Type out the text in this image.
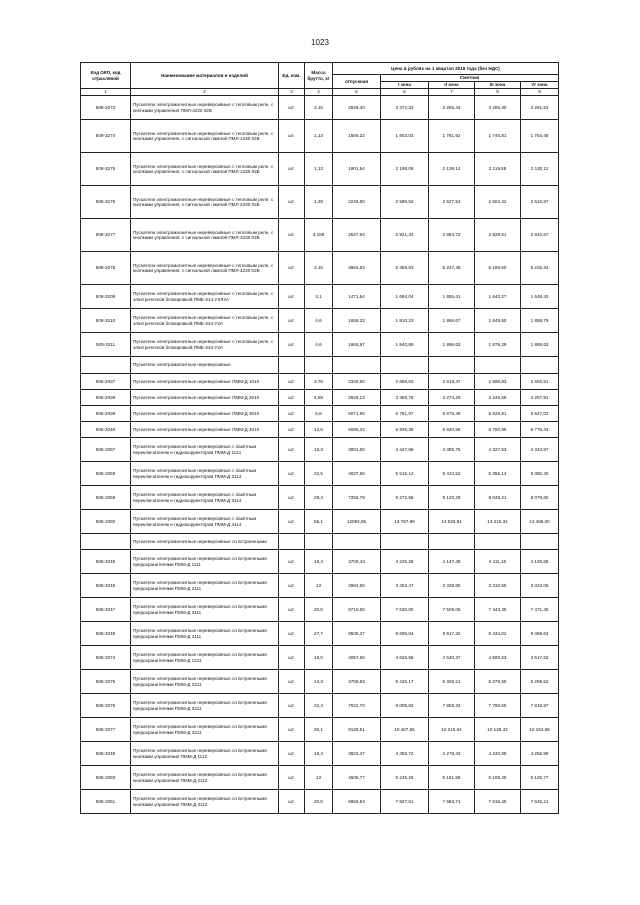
1023
Код ОКП, код отраслевой	Наименование материалов и изделий	Ед. изм.	Масса брутто, кг	Цена в рублях на 1 квартал 2016 года (без НДС)				
				отпускная	Сметная			
					I зона	II зона	III зона	IV зона
1	2	3	4	5	6	7	8	9
509-3273	Пускатели электромагнитные нереверсивные с тепловым реле, с кнопками управления ПМЛ-4220 02Б	шт.	3,16	2929,40	3 372,33	3 295,44	3 265,30	3 281,53
509-3274	Пускатели электромагнитные нереверсивные с тепловым реле, с кнопками управления, с сигнальной лампой ПМЛ-1230 02Б	шт.	1,13	1566,22	1 803,03	1 761,92	1 745,81	1 754,48
509-3275	Пускатели электромагнитные нереверсивные с тепловым реле, с кнопками управления, с сигнальной лампой ПМЛ-1230 02Б	шт.	1,13	1901,54	2 189,06	2 139,14	2 119,58	2 130,11
509-3276	Пускатели электромагнитные нереверсивные с тепловым реле, с кнопками управления, с сигнальной лампой ПМЛ-2230 02Б	шт.	1,29	2246,80	2 586,52	2 527,54	2 504,42	2 516,87
509-3277	Пускатели электромагнитные нереверсивные с тепловым реле, с кнопками управления, с сигнальной лампой ПМЛ-3230 02Б	шт.	3,158	2537,64	2 921,34	2 854,72	2 828,61	2 842,67
509-3278	Пускатели электромагнитные нереверсивные с тепловым реле, с кнопками управления, с сигнальной лампой ПМЛ-4230 02Б	шт.	3,16	4664,83	5 369,93	5 247,48	5 199,50	5 225,34
509-3209	Пускатели электромагнитные нереверсивные с тепловым реле, с электрической блокировкой ПМЕ-214 УХЛ4А	шт.	3,1	1471,54	1 694,04	1 655,41	1 640,27	1 648,43
509-3210	Пускатели электромагнитные нереверсивные с тепловым реле, с электрической блокировкой ПМЕ-224 У2А	шт.	4,6	1659,33	1 910,23	1 866,67	1 849,60	1 858,79
509-3211	Пускатели электромагнитные нереверсивные с тепловым реле, с электрической блокировкой ПМЕ-234 У2А	шт.	4,6	1665,97	1 940,89	1 896,63	1 879,29	1 888,63
	Пускатели электромагнитные нереверсивные							
509-3337	Пускатели электромагнитные нереверсивные ПММ-Д 1010	шт.	3,76	2340,60	2 688,63	2 619,47	2 596,83	2 606,51
509-3338	Пускатели электромагнитные нереверсивные ПММ-Д 2010	шт.	4,58	2926,13	3 358,78	3 274,29	3 245,68	3 257,91
509-3339	Пускатели электромагнитные нереверсивные ПММ-Д 3010	шт.	8,8	5071,95	5 761,97	5 675,49	5 625,81	5 647,03
509-3340	Пускатели электромагнитные нереверсивные ПММ-Д 4010	шт.	12,6	6086,34	6 938,39	6 840,56	6 760,95	6 776,44
509-3357	Пускатели электромагнитные нереверсивные с пакетным переключателем и гидрокорректором ПММ-Д 1114	шт.	13,3	3901,60	4 447,68	4 385,75	4 327,53	4 343,87
509-3358	Пускатели электромагнитные нереверсивные с пакетным переключателем и гидрокорректором ПММ-Д 2114	шт.	22,5	4637,56	5 515,12	5 413,52	5 356,14	5 380,40
509-3359	Пускатели электромагнитные нереверсивные с пакетным переключателем и гидрокорректором ПММ-Д 3114	шт.	29,4	7256,79	8 272,58	8 120,29	8 049,21	8 079,60
509-3360	Пускатели электромагнитные нереверсивные с пакетным переключателем и гидрокорректором ПММ-Д 4114	шт.	55,1	12094,65	13 767,89	13 533,91	13 415,34	13 466,00
	Пускатели электромагнитные нереверсивные со встроенными							
509-3345	Пускатели электромагнитные нереверсивные со встроенными предохранителями ПММ-Д 1111	шт.	10,4	3706,43	4 225,29	4 147,48	4 111,15	4 126,68
509-3346	Пускатели электромагнитные нереверсивные со встроенными предохранителями ПММ-Д 2111	шт.	13	2984,65	3 402,47	3 339,80	3 310,56	3 323,06
509-3347	Пускатели электромагнитные нереверсивные со встроенными предохранителями ПММ-Д 3111	шт.	20,6	6710,58	7 630,00	7 509,06	7 443,35	7 471,45
509-3348	Пускатели электромагнитные нереверсивные со встроенными предохранителями ПММ-Д 4111	шт.	27,7	8505,27	9 695,84	9 517,32	9 434,02	9 469,64
509-3374	Пускатели электромагнитные нереверсивные со встроенными предохранителями ПММ-Д 1211	шт.	10,0	4057,56	4 626,58	4 540,37	4 500,63	4 517,62
509-3375	Пускатели электромагнитные нереверсивные со встроенными предохранителями ПММ-Д 2211	шт.	14,3	4759,83	5 426,17	5 326,21	5 279,59	5 299,52
509-3376	Пускатели электромагнитные нереверсивные со встроенными предохранителями ПММ-Д 3211	шт.	22,4	7022,70	8 005,82	7 858,34	7 789,55	7 818,97
509-3377	Пускатели электромагнитные нереверсивные со встроенными предохранителями ПММ-Д 4211	шт.	30,1	9128,51	10 407,56	10 215,64	10 126,42	10 164,68
509-3348	Пускатели электромагнитные нереверсивные со встроенными кнопками управления ПММ-Д 1112	шт.	10,4	3823,47	4 356,72	4 278,43	4 240,98	4 256,99
509-3350	Пускатели электромагнитные нереверсивные со встроенными кнопками управления ПММ-Д 2112	шт.	13	4505,77	5 246,26	5 151,58	5 106,49	5 125,77
509-3351	Пускатели электромагнитные нереверсивные со встроенными кнопками управления ПММ-Д 3112	шт.	20,6	6866,64	7 827,61	7 683,71	7 616,45	7 645,21
